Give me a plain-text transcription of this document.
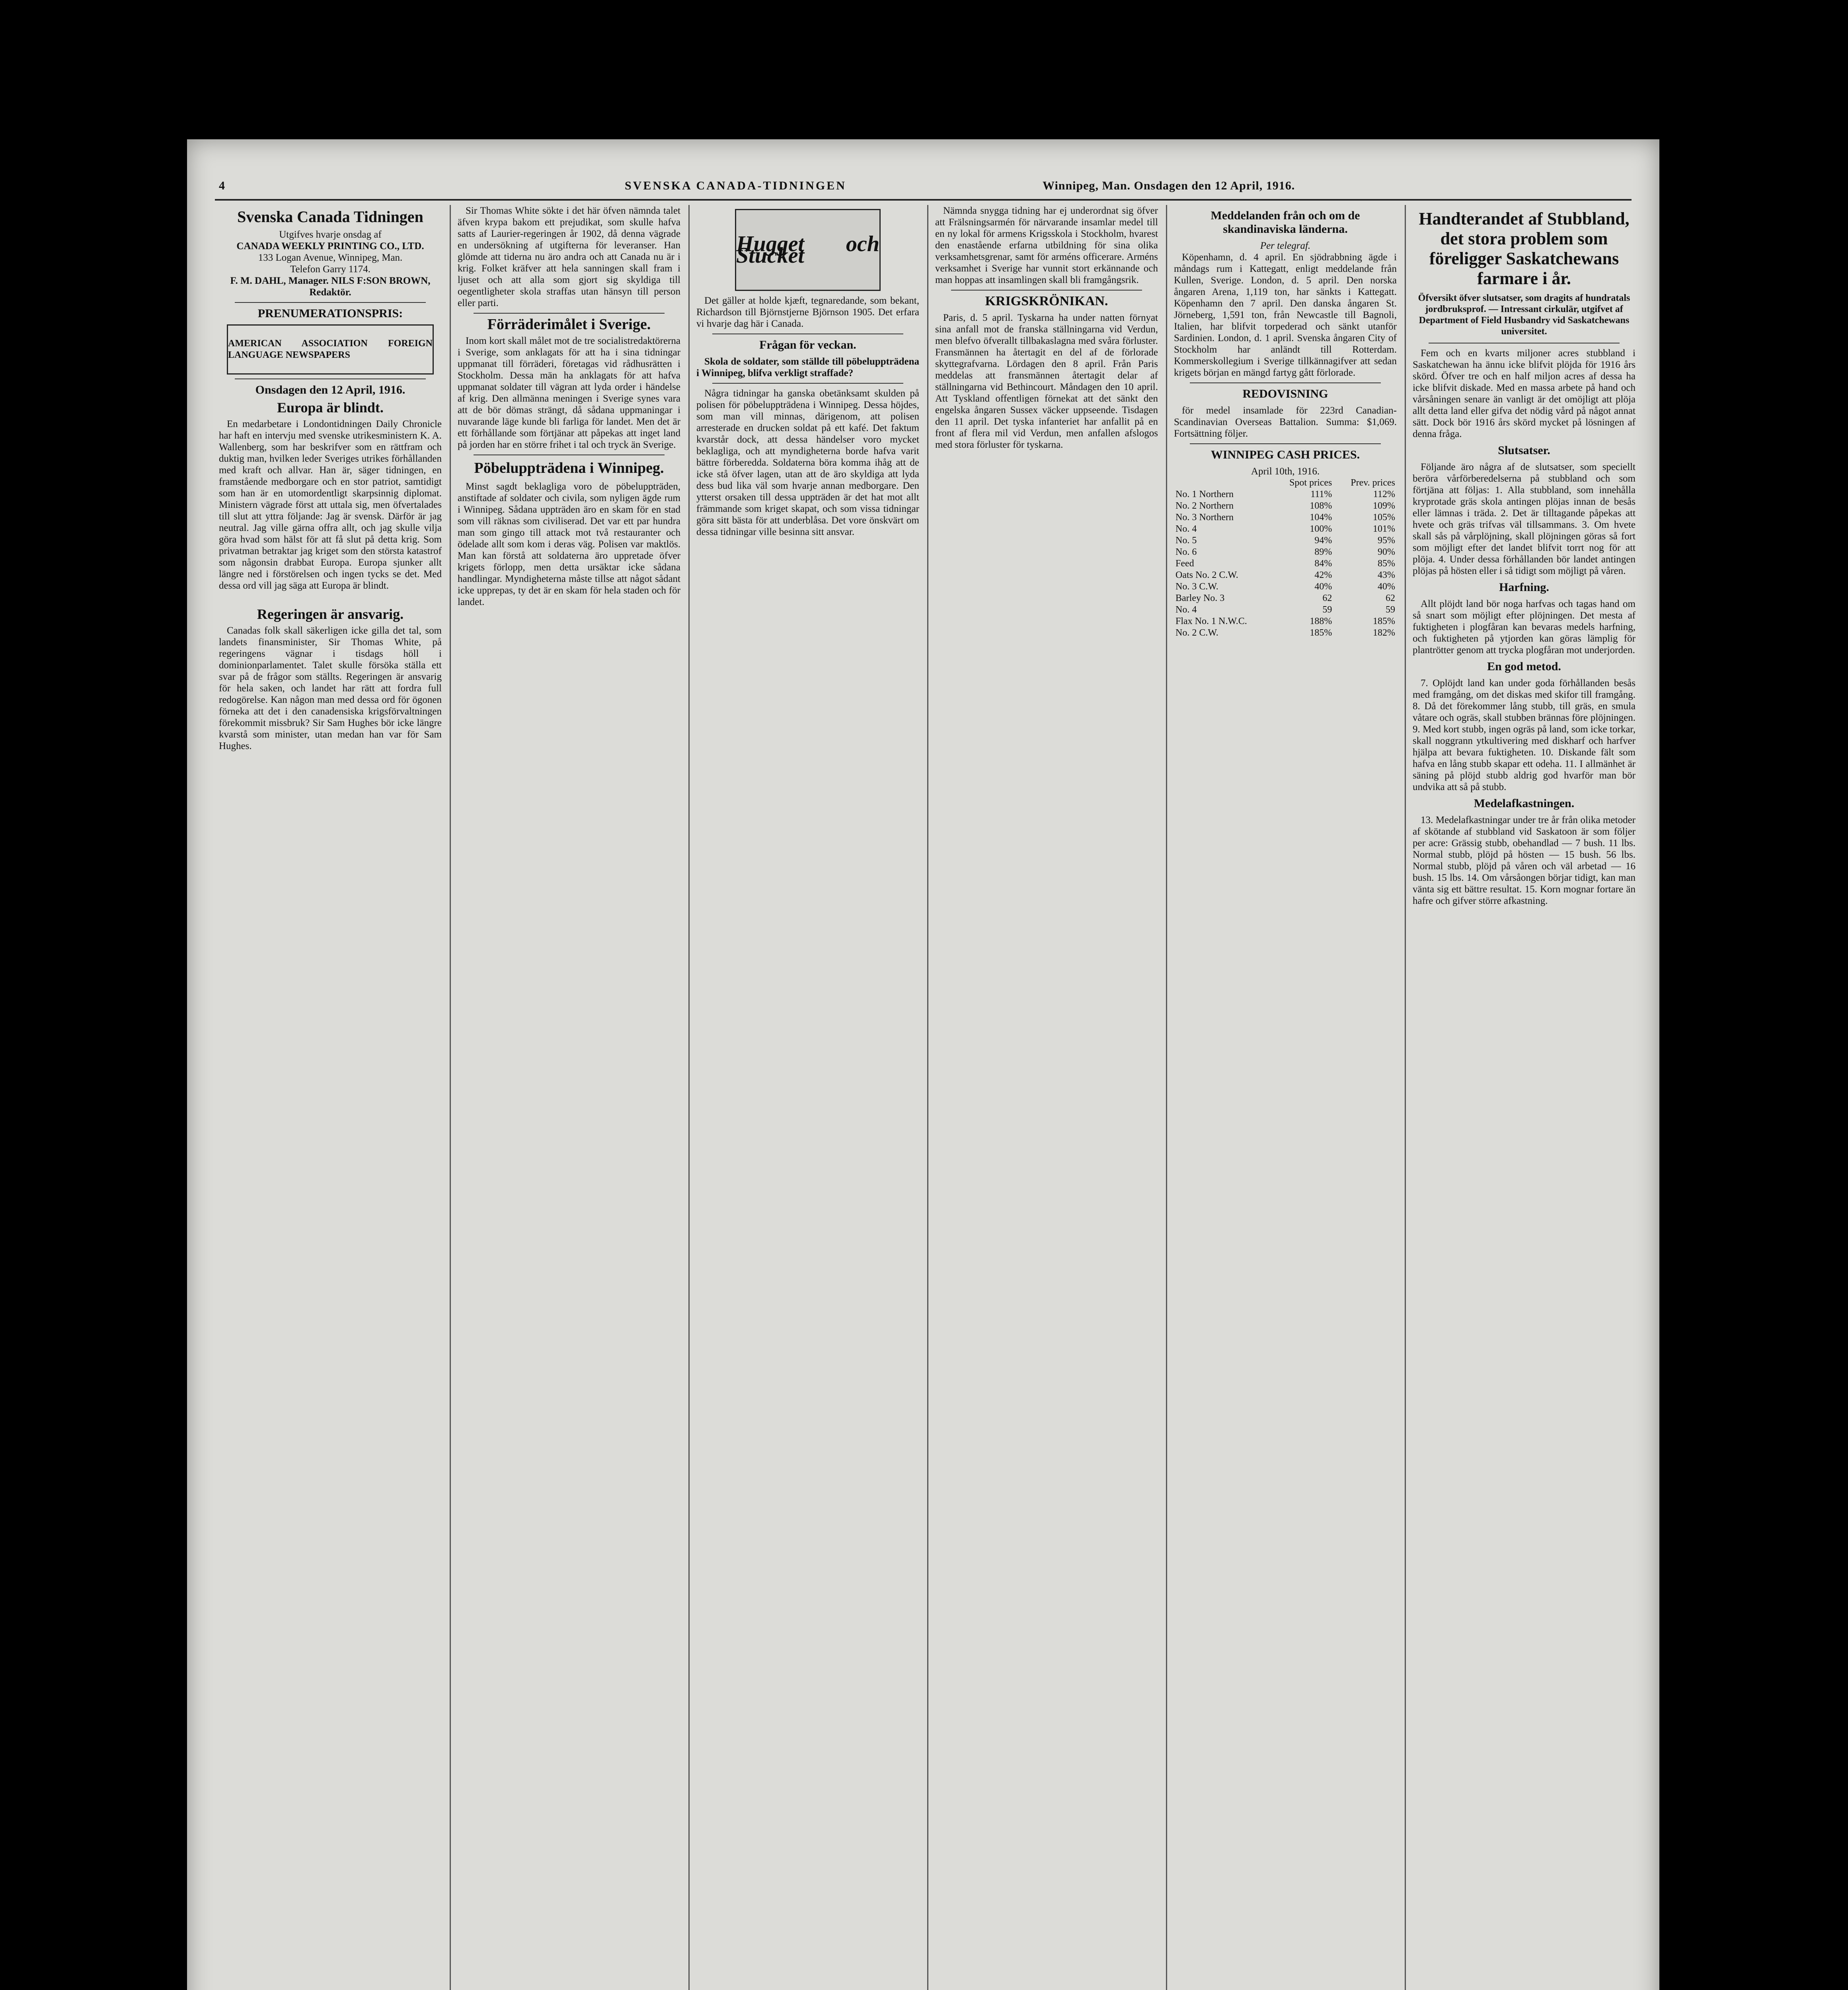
4	SVENSKA CANADA-TIDNINGEN	Winnipeg, Man. Onsdagen den 12 April, 1916.
Svenska Canada Tidningen
Utgifves hvarje onsdag af
CANADA WEEKLY PRINTING CO., LTD.
133 Logan Avenue, Winnipeg, Man.
Telefon Garry 1174.
F. M. DAHL, Manager. NILS F:SON BROWN, Redaktör.
PRENUMERATIONSPRIS:
AMERICAN ASSOCIATION FOREIGN LANGUAGE NEWSPAPERS
Onsdagen den 12 April, 1916.
Europa är blindt.

En medarbetare i Londontidningen Daily Chronicle har haft en intervju med svenske utrikesministern K. A. Wallenberg, som har beskrifver som en rättfram och duktig man, hvilken leder Sveriges utrikes förhållanden med kraft och allvar. Han är, säger tidningen, en framstående medborgare och en stor patriot, samtidigt som han är en utomordentligt skarpsinnig diplomat. Ministern vägrade först att uttala sig, men öfvertalades till slut att yttra följande: Jag är svensk. Därför är jag neutral. Jag ville gärna offra allt, och jag skulle vilja göra hvad som hälst för att få slut på detta krig. Som privatman betraktar jag kriget som den största katastrof som någonsin drabbat Europa. Europa sjunker allt längre ned i förstörelsen och ingen tycks se det. Med dessa ord vill jag säga att Europa är blindt.

Regeringen är ansvarig.

Canadas folk skall säkerligen icke gilla det tal, som landets finansminister, Sir Thomas White, på regeringens vägnar i tisdags höll i dominionparlamentet. Talet skulle försöka ställa ett svar på de frågor som ställts. Regeringen är ansvarig för hela saken, och landet har rätt att fordra full redogörelse. Kan någon man med dessa ord för ögonen förneka att det i den canadensiska krigsförvaltningen förekommit missbruk? Sir Sam Hughes bör icke längre kvarstå som minister, utan medan han var för Sam Hughes.

Sir Thomas White sökte i det här öfven nämnda talet äfven krypa bakom ett prejudikat, som skulle hafva satts af Laurier-regeringen år 1902, då denna vägrade en undersökning af utgifterna för leveranser. Han glömde att tiderna nu äro andra och att Canada nu är i krig. Folket kräfver att hela sanningen skall fram i ljuset och att alla som gjort sig skyldiga till oegentligheter skola straffas utan hänsyn till person eller parti.

Förräderimålet i Sverige.

Inom kort skall målet mot de tre socialistredaktörerna i Sverige, som anklagats för att ha i sina tidningar uppmanat till förräderi, företagas vid rådhusrätten i Stockholm. Dessa män ha anklagats för att hafva uppmanat soldater till vägran att lyda order i händelse af krig. Den allmänna meningen i Sverige synes vara att de bör dömas strängt, då sådana uppmaningar i nuvarande läge kunde bli farliga för landet. Men det är ett förhållande som förtjänar att påpekas att inget land på jorden har en större frihet i tal och tryck än Sverige.

Pöbeluppträdena i Winnipeg.

Minst sagdt beklagliga voro de pöbeluppträden, anstiftade af soldater och civila, som nyligen ägde rum i Winnipeg. Sådana uppträden äro en skam för en stad som vill räknas som civiliserad. Det var ett par hundra man som gingo till attack mot två restauranter och ödelade allt som kom i deras väg. Polisen var maktlös. Man kan förstå att soldaterna äro uppretade öfver krigets förlopp, men detta ursäktar icke sådana handlingar. Myndigheterna måste tillse att något sådant icke upprepas, ty det är en skam för hela staden och för landet.

Hugget och Stucket

Det gäller at holde kjæft, tegnaredande, som bekant, Richardson till Björnstjerne Björnson 1905. Det erfara vi hvarje dag här i Canada.

Frågan för veckan.

Skola de soldater, som ställde till pöbeluppträdena i Winnipeg, blifva verkligt straffade?

Några tidningar ha ganska obetänksamt skulden på polisen för pöbeluppträdena i Winnipeg. Dessa höjdes, som man vill minnas, därigenom, att polisen arresterade en drucken soldat på ett kafé. Det faktum kvarstår dock, att dessa händelser voro mycket beklagliga, och att myndigheterna borde hafva varit bättre förberedda. Soldaterna böra komma ihåg att de icke stå öfver lagen, utan att de äro skyldiga att lyda dess bud lika väl som hvarje annan medborgare. Den ytterst orsaken till dessa uppträden är det hat mot allt främmande som kriget skapat, och som vissa tidningar göra sitt bästa för att underblåsa. Det vore önskvärt om dessa tidningar ville besinna sitt ansvar.

Nämnda snygga tidning har ej underordnat sig öfver att Frälsningsarmén för närvarande insamlar medel till en ny lokal för armens Krigsskola i Stockholm, hvarest den enastående erfarna utbildning för sina olika verksamhetsgrenar, samt för arméns officerare. Arméns verksamhet i Sverige har vunnit stort erkännande och man hoppas att insamlingen skall bli framgångsrik.

KRIGSKRÖNIKAN.

Paris, d. 5 april. Tyskarna ha under natten förnyat sina anfall mot de franska ställningarna vid Verdun, men blefvo öfverallt tillbakaslagna med svåra förluster. Fransmännen ha återtagit en del af de förlorade skyttegrafvarna. Lördagen den 8 april. Från Paris meddelas att fransmännen återtagit delar af ställningarna vid Bethincourt. Måndagen den 10 april. Att Tyskland offentligen förnekat att det sänkt den engelska ångaren Sussex väcker uppseende. Tisdagen den 11 april. Det tyska infanteriet har anfallit på en front af flera mil vid Verdun, men anfallen afslogos med stora förluster för tyskarna.

Meddelanden från och om de skandinaviska länderna.
Per telegraf.

Köpenhamn, d. 4 april. En sjödrabbning ägde i måndags rum i Kattegatt, enligt meddelande från Kullen, Sverige. London, d. 5 april. Den norska ångaren Arena, 1,119 ton, har sänkts i Kattegatt. Köpenhamn den 7 april. Den danska ångaren St. Jörneberg, 1,591 ton, från Newcastle till Bagnoli, Italien, har blifvit torpederad och sänkt utanför Sardinien. London, d. 1 april. Svenska ångaren City of Stockholm har anländt till Rotterdam. Kommerskollegium i Sverige tillkännagifver att sedan krigets början en mängd fartyg gått förlorade.

REDOVISNING

för medel insamlade för 223rd Canadian-Scandinavian Overseas Battalion. Summa: $1,069. Fortsättning följer.

WINNIPEG CASH PRICES.
April 10th, 1916.
	Spot prices	Prev. prices
No. 1 Northern	111%	112%
No. 2 Northern	108%	109%
No. 3 Northern	104%	105%
No. 4	100%	101%
No. 5	94%	95%
No. 6	89%	90%
Feed	84%	85%
Oats No. 2 C.W.	42%	43%
No. 3 C.W.	40%	40%
Barley No. 3	62	62
No. 4	59	59
Flax No. 1 N.W.C.	188%	185%
No. 2 C.W.	185%	182%
Handterandet af Stubbland, det stora problem som föreligger Saskatchewans farmare i år.
Öfversikt öfver slutsatser, som dragits af hundratals jordbruksprof. — Intressant cirkulär, utgifvet af Department of Field Husbandry vid Saskatchewans universitet.

Fem och en kvarts miljoner acres stubbland i Saskatchewan ha ännu icke blifvit plöjda för 1916 års skörd. Öfver tre och en half miljon acres af dessa ha icke blifvit diskade. Med en massa arbete på hand och vårsåningen senare än vanligt är det omöjligt att plöja allt detta land eller gifva det nödig vård på något annat sätt. Dock bör 1916 års skörd mycket på lösningen af denna fråga.

Slutsatser.

Följande äro några af de slutsatser, som speciellt beröra vårförberedelserna på stubbland och som förtjäna att följas: 1. Alla stubbland, som innehålla kryprotade gräs skola antingen plöjas innan de besås eller lämnas i träda. 2. Det är tilltagande påpekas att hvete och gräs trifvas väl tillsammans. 3. Om hvete skall sås på vårplöjning, skall plöjningen göras så fort som möjligt efter det landet blifvit torrt nog för att plöja. 4. Under dessa förhållanden bör landet antingen plöjas på hösten eller i så tidigt som möjligt på våren.

Harfning.

Allt plöjdt land bör noga harfvas och tagas hand om så snart som möjligt efter plöjningen. Det mesta af fuktigheten i plogfåran kan bevaras medels harfning, och fuktigheten på ytjorden kan göras lämplig för plantrötter genom att trycka plogfåran mot underjorden.

En god metod.

7. Oplöjdt land kan under goda förhållanden besås med framgång, om det diskas med skifor till framgång. 8. Då det förekommer lång stubb, till gräs, en smula våtare och ogräs, skall stubben brännas före plöjningen. 9. Med kort stubb, ingen ogräs på land, som icke torkar, skall noggrann ytkultivering med diskharf och harfver hjälpa att bevara fuktigheten. 10. Diskande fält som hafva en lång stubb skapar ett odeha. 11. I allmänhet är säning på plöjd stubb aldrig god hvarför man bör undvika att så på stubb.

Medelafkastningen.

13. Medelafkastningar under tre år från olika metoder af skötande af stubbland vid Saskatoon är som följer per acre: Grässig stubb, obehandlad — 7 bush. 11 lbs. Normal stubb, plöjd på hösten — 15 bush. 56 lbs. Normal stubb, plöjd på våren och väl arbetad — 16 bush. 15 lbs. 14. Om vårsåongen börjar tidigt, kan man vänta sig ett bättre resultat. 15. Korn mognar fortare än hafre och gifver större afkastning.
